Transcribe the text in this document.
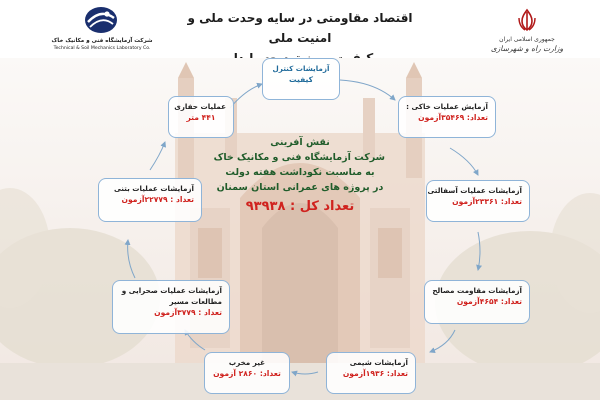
شرکت آزمایشگاه فنی و مکانیک خاک
Technical & Soil Mechanics Laboratory Co.
اقتصاد مقاومتی در سایه وحدت ملی و امنیت ملی	جمهوری اسلامی ایران
وزارت راه و شهرسازی
آزمایشات کنترل
کیفیت
آزمایش عملیات خاکی :
تعداد: ۳۵۴۶۹آزمون
آزمایشات عملیات آسفالتی
تعداد: ۲۳۳۶۱آزمون
آزمایشات مقاومت مصالح
تعداد: ۴۶۵۴آزمون
آزمایشات شیمی
تعداد: ۱۹۳۶آزمون
غیر مخرب
تعداد: ۲۸۶۰ آزمون
آزمایشات عملیات صحرایی و
مطالعات مسیر
تعداد : ۳۷۷۹آزمون
آزمایشات عملیات بتنی
تعداد : ۲۲۷۷۹آزمون
عملیات حفاری
۴۴۱ متر
نقش آفرینی
شرکت آزمایشگاه فنی و مکانیک خاک
به مناسبت نکوداشت هفته دولت
در پروژه های عمرانی استان سمنان
تعداد کل : ۹۳۹۳۸
